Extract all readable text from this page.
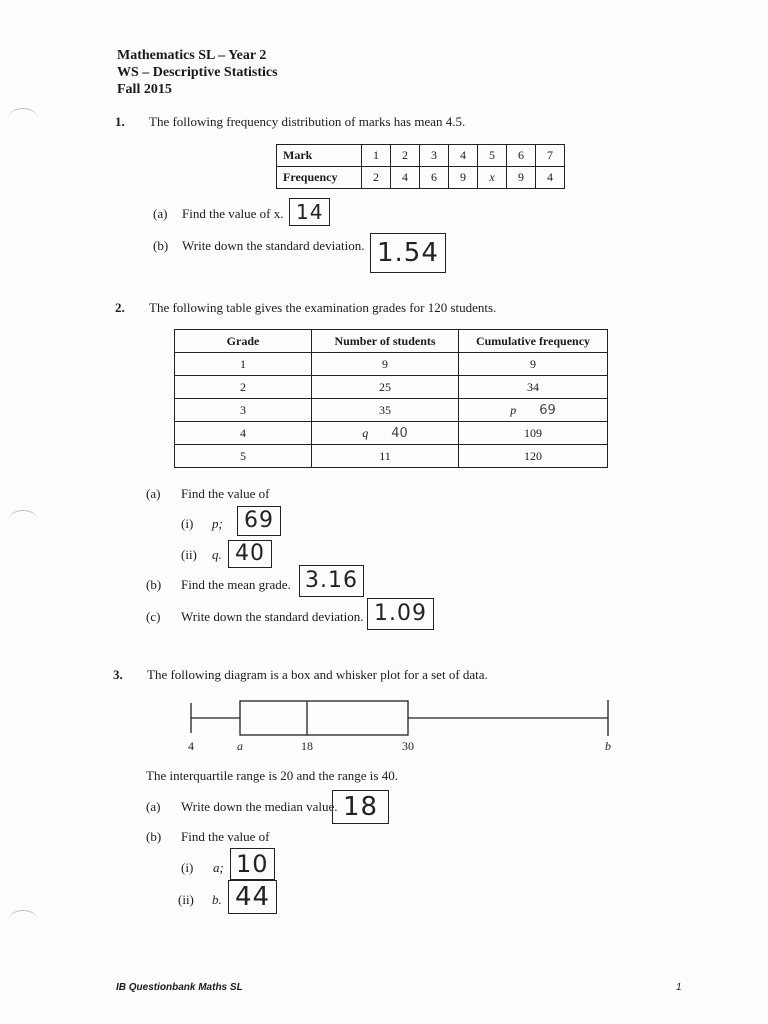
Mathematics SL – Year 2
WS – Descriptive Statistics
Fall 2015
1. The following frequency distribution of marks has mean 4.5.
Mark	1	2	3	4	5	6	7
Frequency	2	4	6	9	x	9	4
(a) Find the value of x. 14
(b) Write down the standard deviation. 1.54
2. The following table gives the examination grades for 120 students.
Grade	Number of students	Cumulative frequency
1	9	9
2	25	34
3	35	p 69
4	q 40	109
5	11	120
(a) Find the value of
(i) p; 69
(ii) q. 40
(b) Find the mean grade. 3.16
(c) Write down the standard deviation. 1.09
3. The following diagram is a box and whisker plot for a set of data.
4	a	18	30	b
The interquartile range is 20 and the range is 40.
(a) Write down the median value. 18
(b) Find the value of
(i) a; 10
(ii) b. 44
IB Questionbank Maths SL	1
